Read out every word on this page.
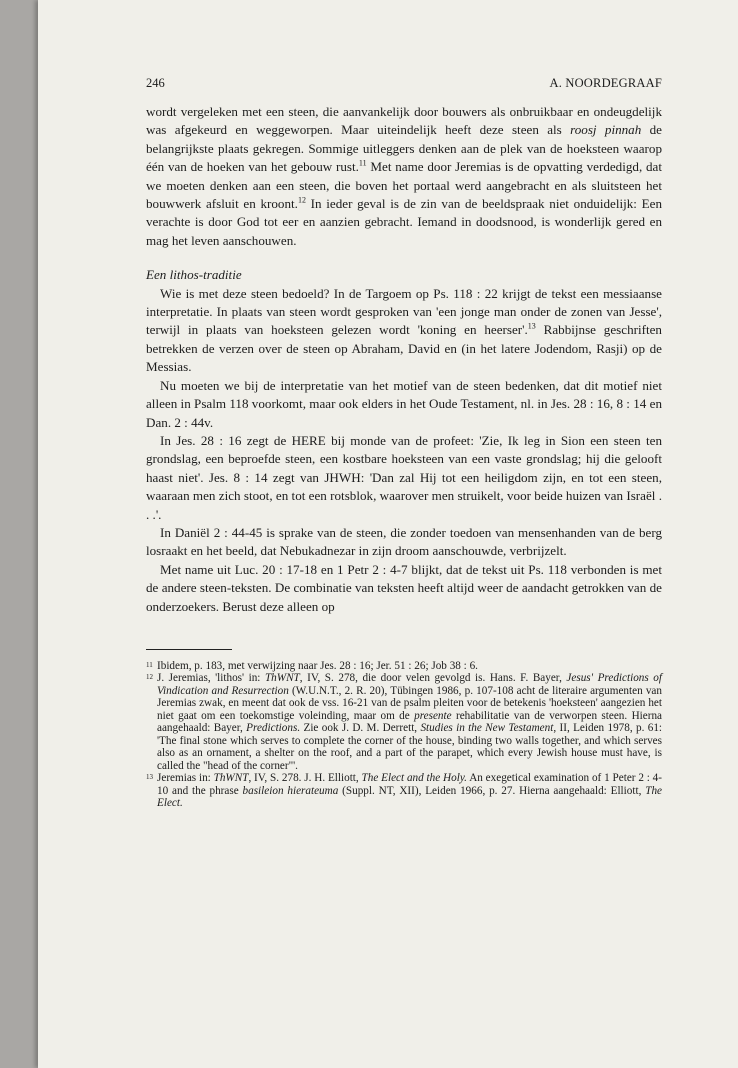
246	A. NOORDEGRAAF

wordt vergeleken met een steen, die aanvankelijk door bouwers als onbruikbaar en ondeugdelijk was afgekeurd en weggeworpen. Maar uiteindelijk heeft deze steen als roosj pinnah de belangrijkste plaats gekregen. Sommige uitleggers denken aan de plek van de hoeksteen waarop één van de hoeken van het gebouw rust.$^{11}$ Met name door Jeremias is de opvatting verdedigd, dat we moeten denken aan een steen, die boven het portaal werd aangebracht en als sluitsteen het bouwwerk afsluit en kroont.$^{12}$ In ieder geval is de zin van de beeldspraak niet onduidelijk: Een verachte is door God tot eer en aanzien gebracht. Iemand in doodsnood, is wonderlijk gered en mag het leven aanschouwen.

Een lithos-traditie

Wie is met deze steen bedoeld? In de Targoem op Ps. 118 : 22 krijgt de tekst een messiaanse interpretatie. In plaats van steen wordt gesproken van 'een jonge man onder de zonen van Jesse', terwijl in plaats van hoeksteen gelezen wordt 'koning en heerser'.$^{13}$ Rabbijnse geschriften betrekken de verzen over de steen op Abraham, David en (in het latere Jodendom, Rasji) op de Messias.

Nu moeten we bij de interpretatie van het motief van de steen bedenken, dat dit motief niet alleen in Psalm 118 voorkomt, maar ook elders in het Oude Testament, nl. in Jes. 28 : 16, 8 : 14 en Dan. 2 : 44v.

In Jes. 28 : 16 zegt de HERE bij monde van de profeet: 'Zie, Ik leg in Sion een steen ten grondslag, een beproefde steen, een kostbare hoeksteen van een vaste grondslag; hij die gelooft haast niet'. Jes. 8 : 14 zegt van JHWH: 'Dan zal Hij tot een heiligdom zijn, en tot een steen, waaraan men zich stoot, en tot een rotsblok, waarover men struikelt, voor beide huizen van Israël . . .'.

In Daniël 2 : 44-45 is sprake van de steen, die zonder toedoen van mensenhanden van de berg losraakt en het beeld, dat Nebukadnezar in zijn droom aanschouwde, verbrijzelt.

Met name uit Luc. 20 : 17-18 en 1 Petr 2 : 4-7 blijkt, dat de tekst uit Ps. 118 verbonden is met de andere steen-teksten. De combinatie van teksten heeft altijd weer de aandacht getrokken van de onderzoekers. Berust deze alleen op

11 Ibidem, p. 183, met verwijzing naar Jes. 28 : 16; Jer. 51 : 26; Job 38 : 6.
12 J. Jeremias, 'lithos' in: ThWNT, IV, S. 278, die door velen gevolgd is. Hans. F. Bayer, Jesus' Predictions of Vindication and Resurrection (W.U.N.T., 2. R. 20), Tübingen 1986, p. 107-108 acht de literaire argumenten van Jeremias zwak, en meent dat ook de vss. 16-21 van de psalm pleiten voor de betekenis 'hoeksteen' aangezien het niet gaat om een toekomstige voleinding, maar om de presente rehabilitatie van de verworpen steen. Hierna aangehaald: Bayer, Predictions. Zie ook J. D. M. Derrett, Studies in the New Testament, II, Leiden 1978, p. 61: 'The final stone which serves to complete the corner of the house, binding two walls together, and which serves also as an ornament, a shelter on the roof, and a part of the parapet, which every Jewish house must have, is called the "head of the corner"'.
13 Jeremias in: ThWNT, IV, S. 278. J. H. Elliott, The Elect and the Holy. An exegetical examination of 1 Peter 2 : 4-10 and the phrase basileion hierateuma (Suppl. NT, XII), Leiden 1966, p. 27. Hierna aangehaald: Elliott, The Elect.
